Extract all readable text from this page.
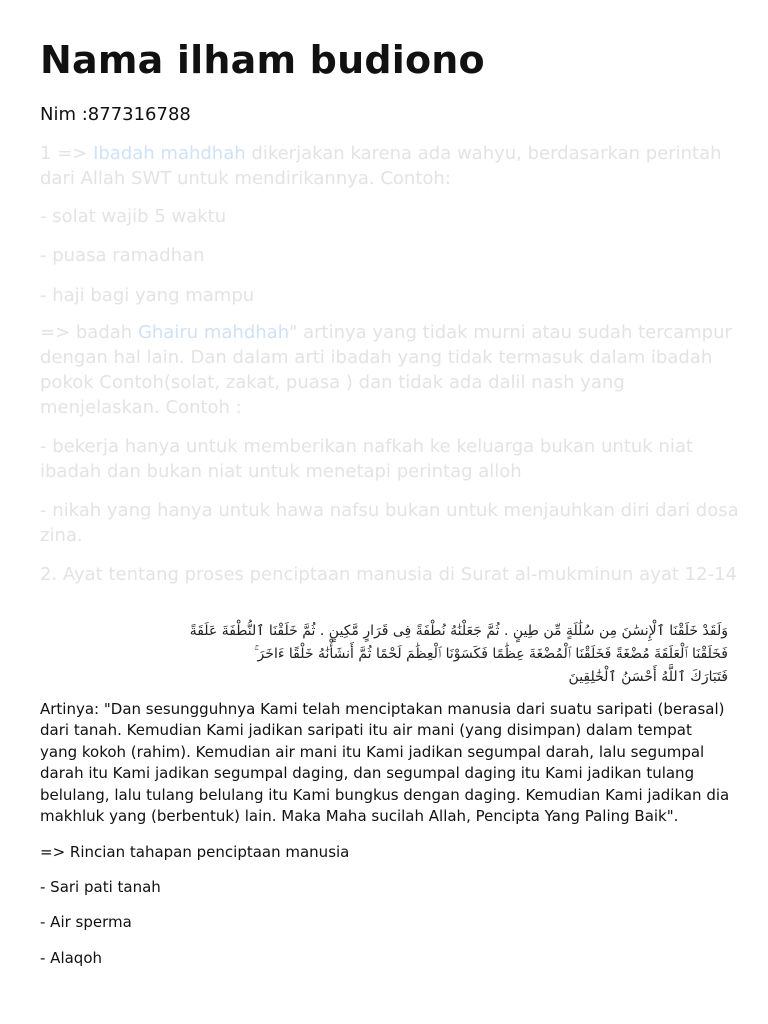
Nama ilham budiono
Nim :877316788

1 => Ibadah mahdhah dikerjakan karena ada wahyu, berdasarkan perintah dari Allah SWT untuk mendirikannya. Contoh:

- solat wajib 5 waktu

- puasa ramadhan

- haji bagi yang mampu

=> badah Ghairu mahdhah" artinya yang tidak murni atau sudah tercampur dengan hal lain. Dan dalam arti ibadah yang tidak termasuk dalam ibadah pokok Contoh(solat, zakat, puasa ) dan tidak ada dalil nash yang menjelaskan. Contoh :

- bekerja hanya untuk memberikan nafkah ke keluarga bukan untuk niat ibadah dan bukan niat untuk menetapi perintag alloh

- nikah yang hanya untuk hawa nafsu bukan untuk menjauhkan diri dari dosa zina.

2. Ayat tentang proses penciptaan manusia di Surat al-mukminun ayat 12-14

وَلَقَدْ خَلَقْنَا ٱلْإِنسَٰنَ مِن سُلَٰلَةٍ مِّن طِينٍ . ثُمَّ جَعَلْنَٰهُ نُطْفَةً فِى قَرَارٍ مَّكِينٍ . ثُمَّ خَلَقْنَا ٱلنُّطْفَةَ عَلَقَةً
فَخَلَقْنَا ٱلْعَلَقَةَ مُضْغَةً فَخَلَقْنَا ٱلْمُضْغَةَ عِظَٰمًا فَكَسَوْنَا ٱلْعِظَٰمَ لَحْمًا ثُمَّ أَنشَأْنَٰهُ خَلْقًا ءَاخَرَ ۚ
فَتَبَارَكَ ٱللَّهُ أَحْسَنُ ٱلْخَٰلِقِينَ

Artinya: "Dan sesungguhnya Kami telah menciptakan manusia dari suatu saripati (berasal) dari tanah. Kemudian Kami jadikan saripati itu air mani (yang disimpan) dalam tempat yang kokoh (rahim). Kemudian air mani itu Kami jadikan segumpal darah, lalu segumpal darah itu Kami jadikan segumpal daging, dan segumpal daging itu Kami jadikan tulang belulang, lalu tulang belulang itu Kami bungkus dengan daging. Kemudian Kami jadikan dia makhluk yang (berbentuk) lain. Maka Maha sucilah Allah, Pencipta Yang Paling Baik".

=> Rincian tahapan penciptaan manusia

- Sari pati tanah

- Air sperma

- Alaqoh
